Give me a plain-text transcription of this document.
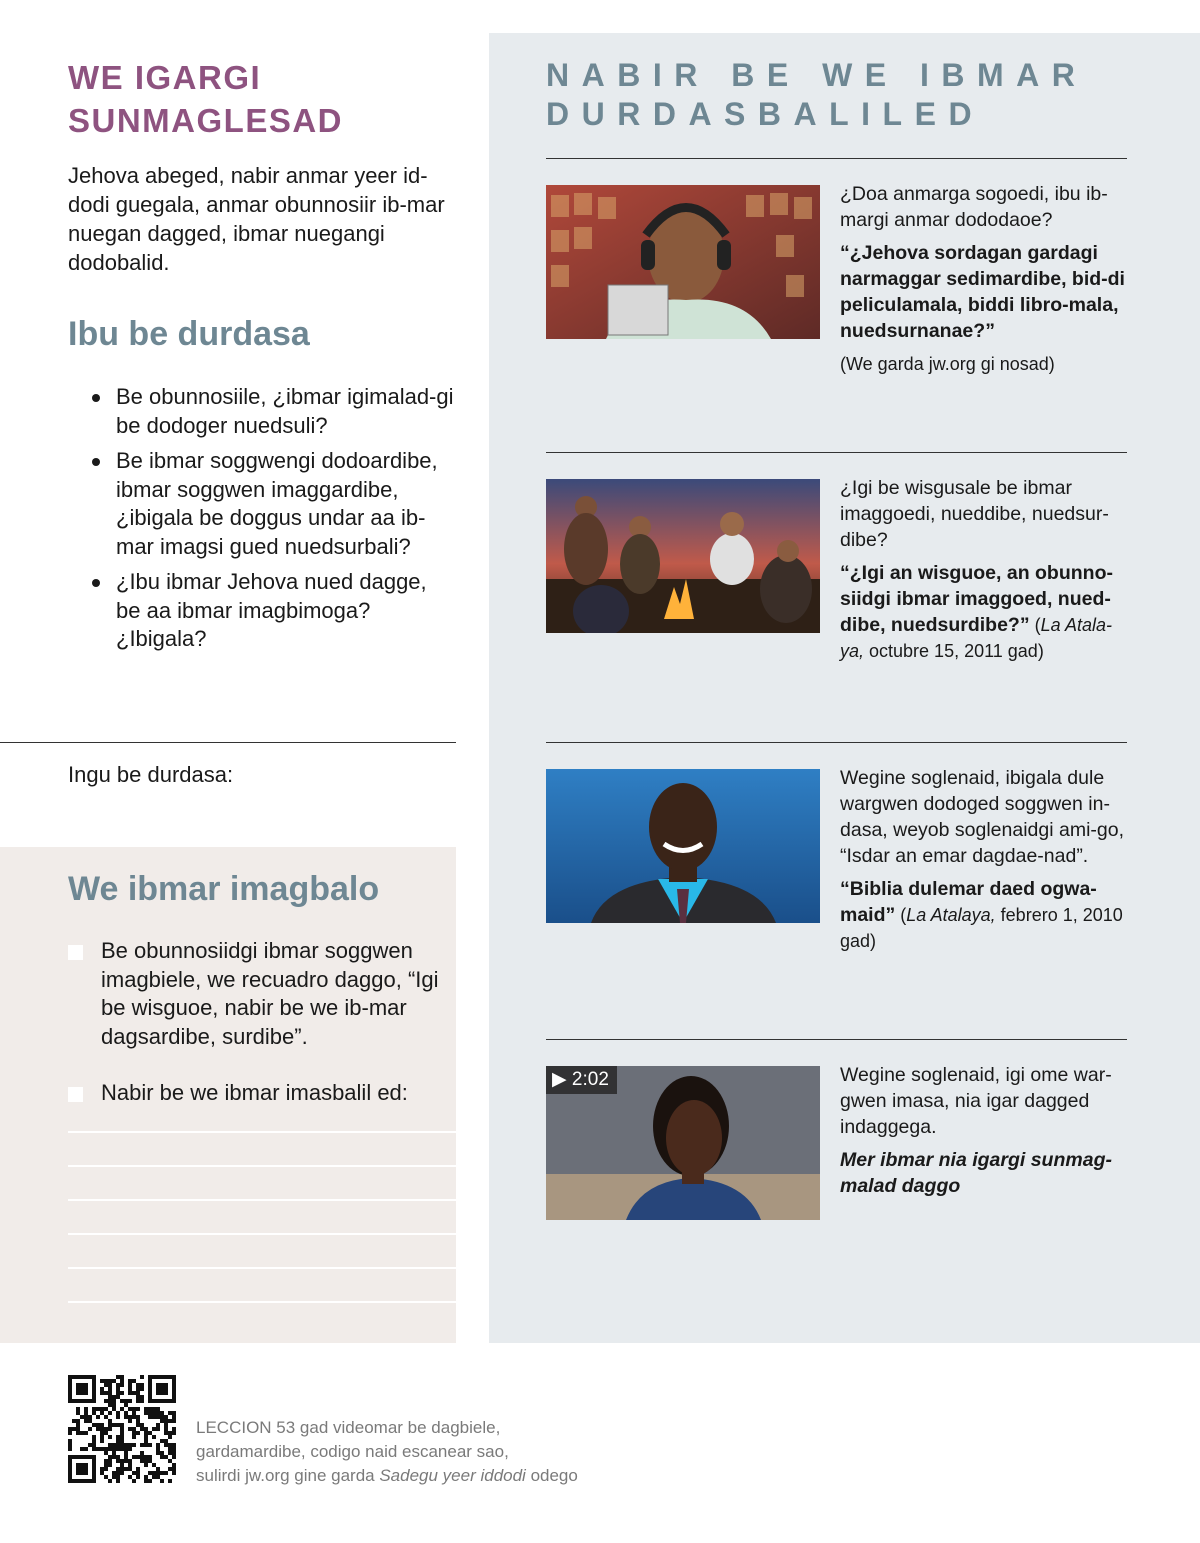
WE IGARGI
SUNMAGLESAD
Jehova abeged, nabir anmar yeer id-dodi guegala, anmar obunnosiir ib-mar nuegan dagged, ibmar nuegangi dodobalid.
Ibu be durdasa
Be obunnosiile, ¿ibmar igimalad-gi be dodoger nuedsuli?
Be ibmar soggwengi dodoardibe, ibmar soggwen imaggardibe, ¿ibigala be doggus undar aa ib-mar imagsi gued nuedsurbali?
¿Ibu ibmar Jehova nued dagge, be aa ibmar imagbimoga? ¿Ibigala?
Ingu be durdasa:
We ibmar imagbalo
Be obunnosiidgi ibmar soggwen imagbiele, we recuadro daggo, “Igi be wisguoe, nabir be we ib-mar dagsardibe, surdibe”.
Nabir be we ibmar imasbalil ed:
NABIR BE WE IBMAR
DURDASBALILED

¿Doa anmarga sogoedi, ibu ib-margi anmar dododaoe?

“¿Jehova sordagan gardagi narmaggar sedimardibe, bid-di peliculamala, biddi libro-mala, nuedsurnanae?”

(We garda jw.org gi nosad)

¿Igi be wisgusale be ibmar imaggoedi, nueddibe, nuedsur-dibe?

“¿Igi an wisguoe, an obunno-siidgi ibmar imaggoed, nued-dibe, nuedsurdibe?” (La Atala-ya, octubre 15, 2011 gad)

Wegine soglenaid, ibigala dule wargwen dodoged soggwen in-dasa, weyob soglenaidgi ami-go, “Isdar an emar dagdae-nad”.

“Biblia dulemar daed ogwa-maid” (La Atalaya, febrero 1, 2010 gad)

▶ 2:02	Wegine soglenaid, igi ome war-gwen imasa, nia igar dagged indaggega.

Mer ibmar nia igargi sunmag-malad daggo

LECCION 53 gad videomar be dagbiele,
gardamardibe, codigo naid escanear sao,
sulirdi jw.org gine garda Sadegu yeer iddodi odego
